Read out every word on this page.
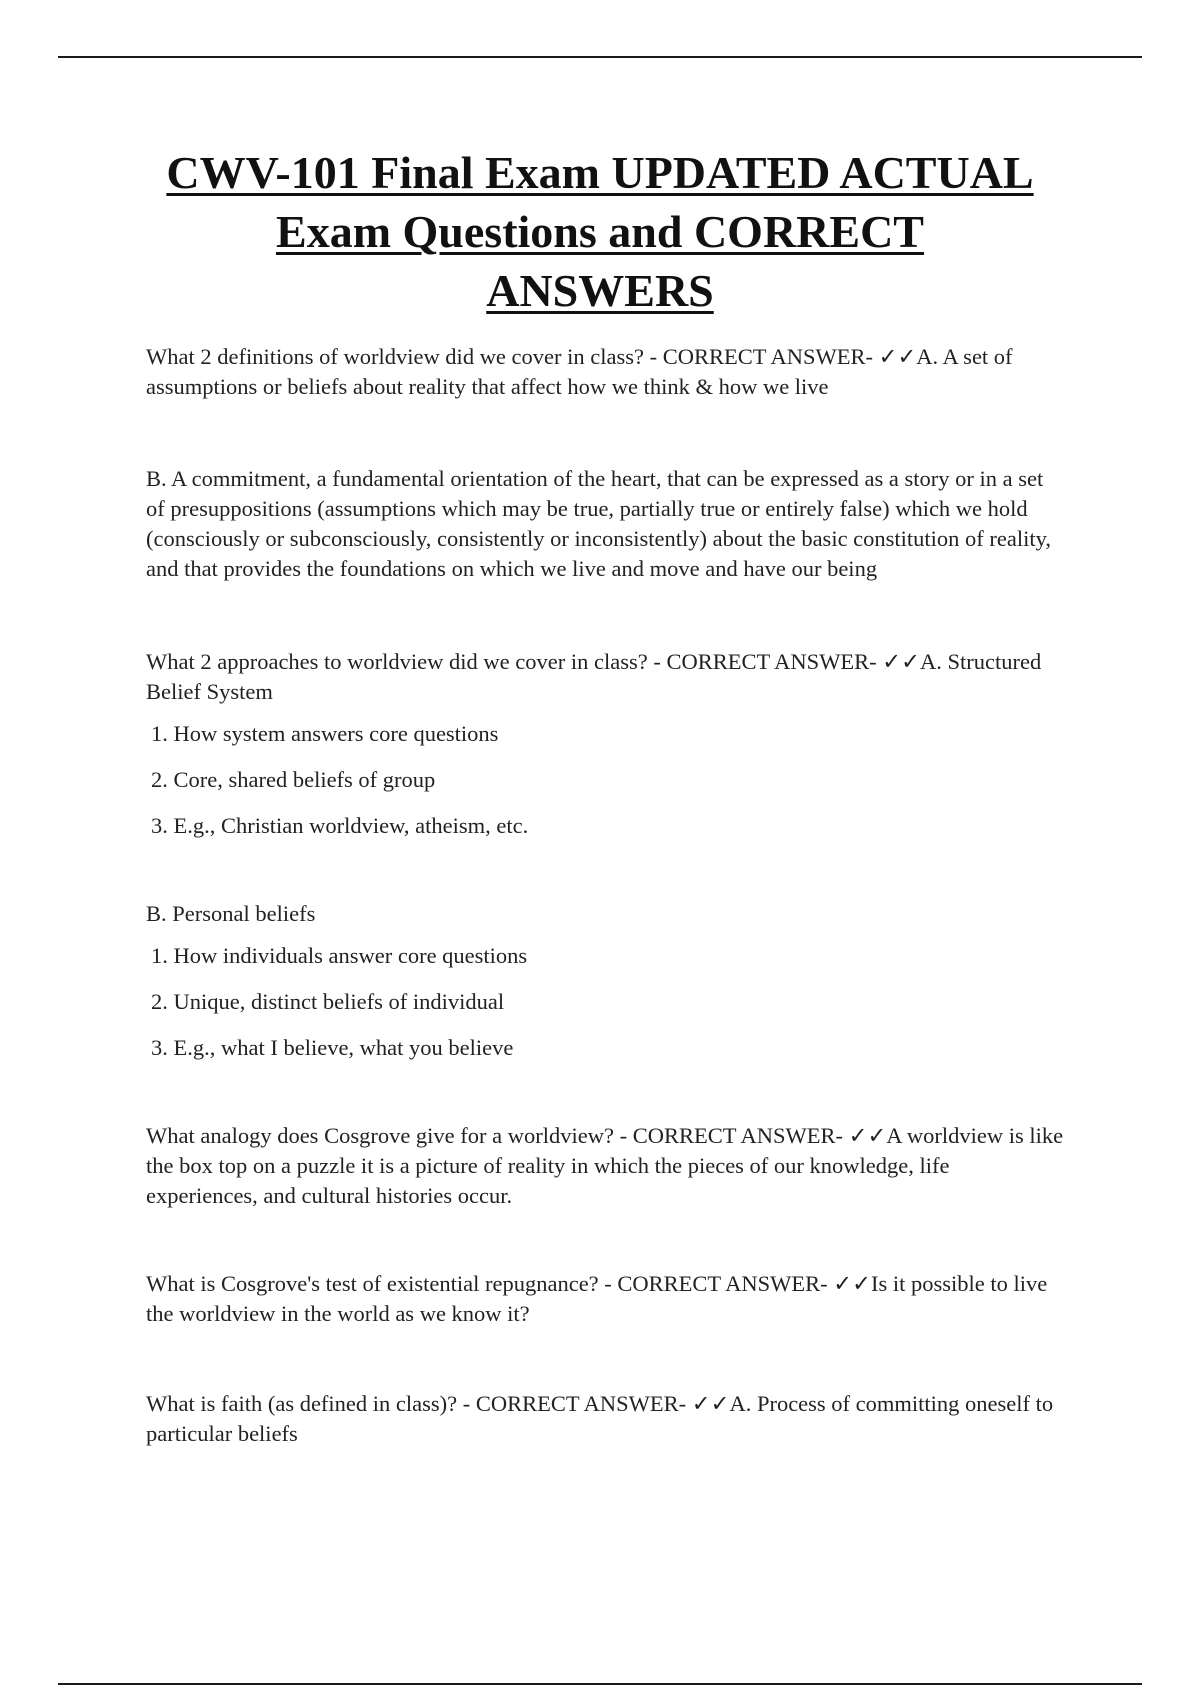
CWV-101 Final Exam UPDATED ACTUAL
Exam Questions and CORRECT
ANSWERS

What 2 definitions of worldview did we cover in class? - CORRECT ANSWER- ✓✓A. A set of assumptions or beliefs about reality that affect how we think & how we live

B. A commitment, a fundamental orientation of the heart, that can be expressed as a story or in a set of presuppositions (assumptions which may be true, partially true or entirely false) which we hold (consciously or subconsciously, consistently or inconsistently) about the basic constitution of reality, and that provides the foundations on which we live and move and have our being

What 2 approaches to worldview did we cover in class? - CORRECT ANSWER- ✓✓A. Structured Belief System

1. How system answers core questions
2. Core, shared beliefs of group
3. E.g., Christian worldview, atheism, etc.

B. Personal beliefs

1. How individuals answer core questions
2. Unique, distinct beliefs of individual
3. E.g., what I believe, what you believe

What analogy does Cosgrove give for a worldview? - CORRECT ANSWER- ✓✓A worldview is like the box top on a puzzle it is a picture of reality in which the pieces of our knowledge, life experiences, and cultural histories occur.

What is Cosgrove's test of existential repugnance? - CORRECT ANSWER- ✓✓Is it possible to live the worldview in the world as we know it?

What is faith (as defined in class)? - CORRECT ANSWER- ✓✓A. Process of committing oneself to particular beliefs
